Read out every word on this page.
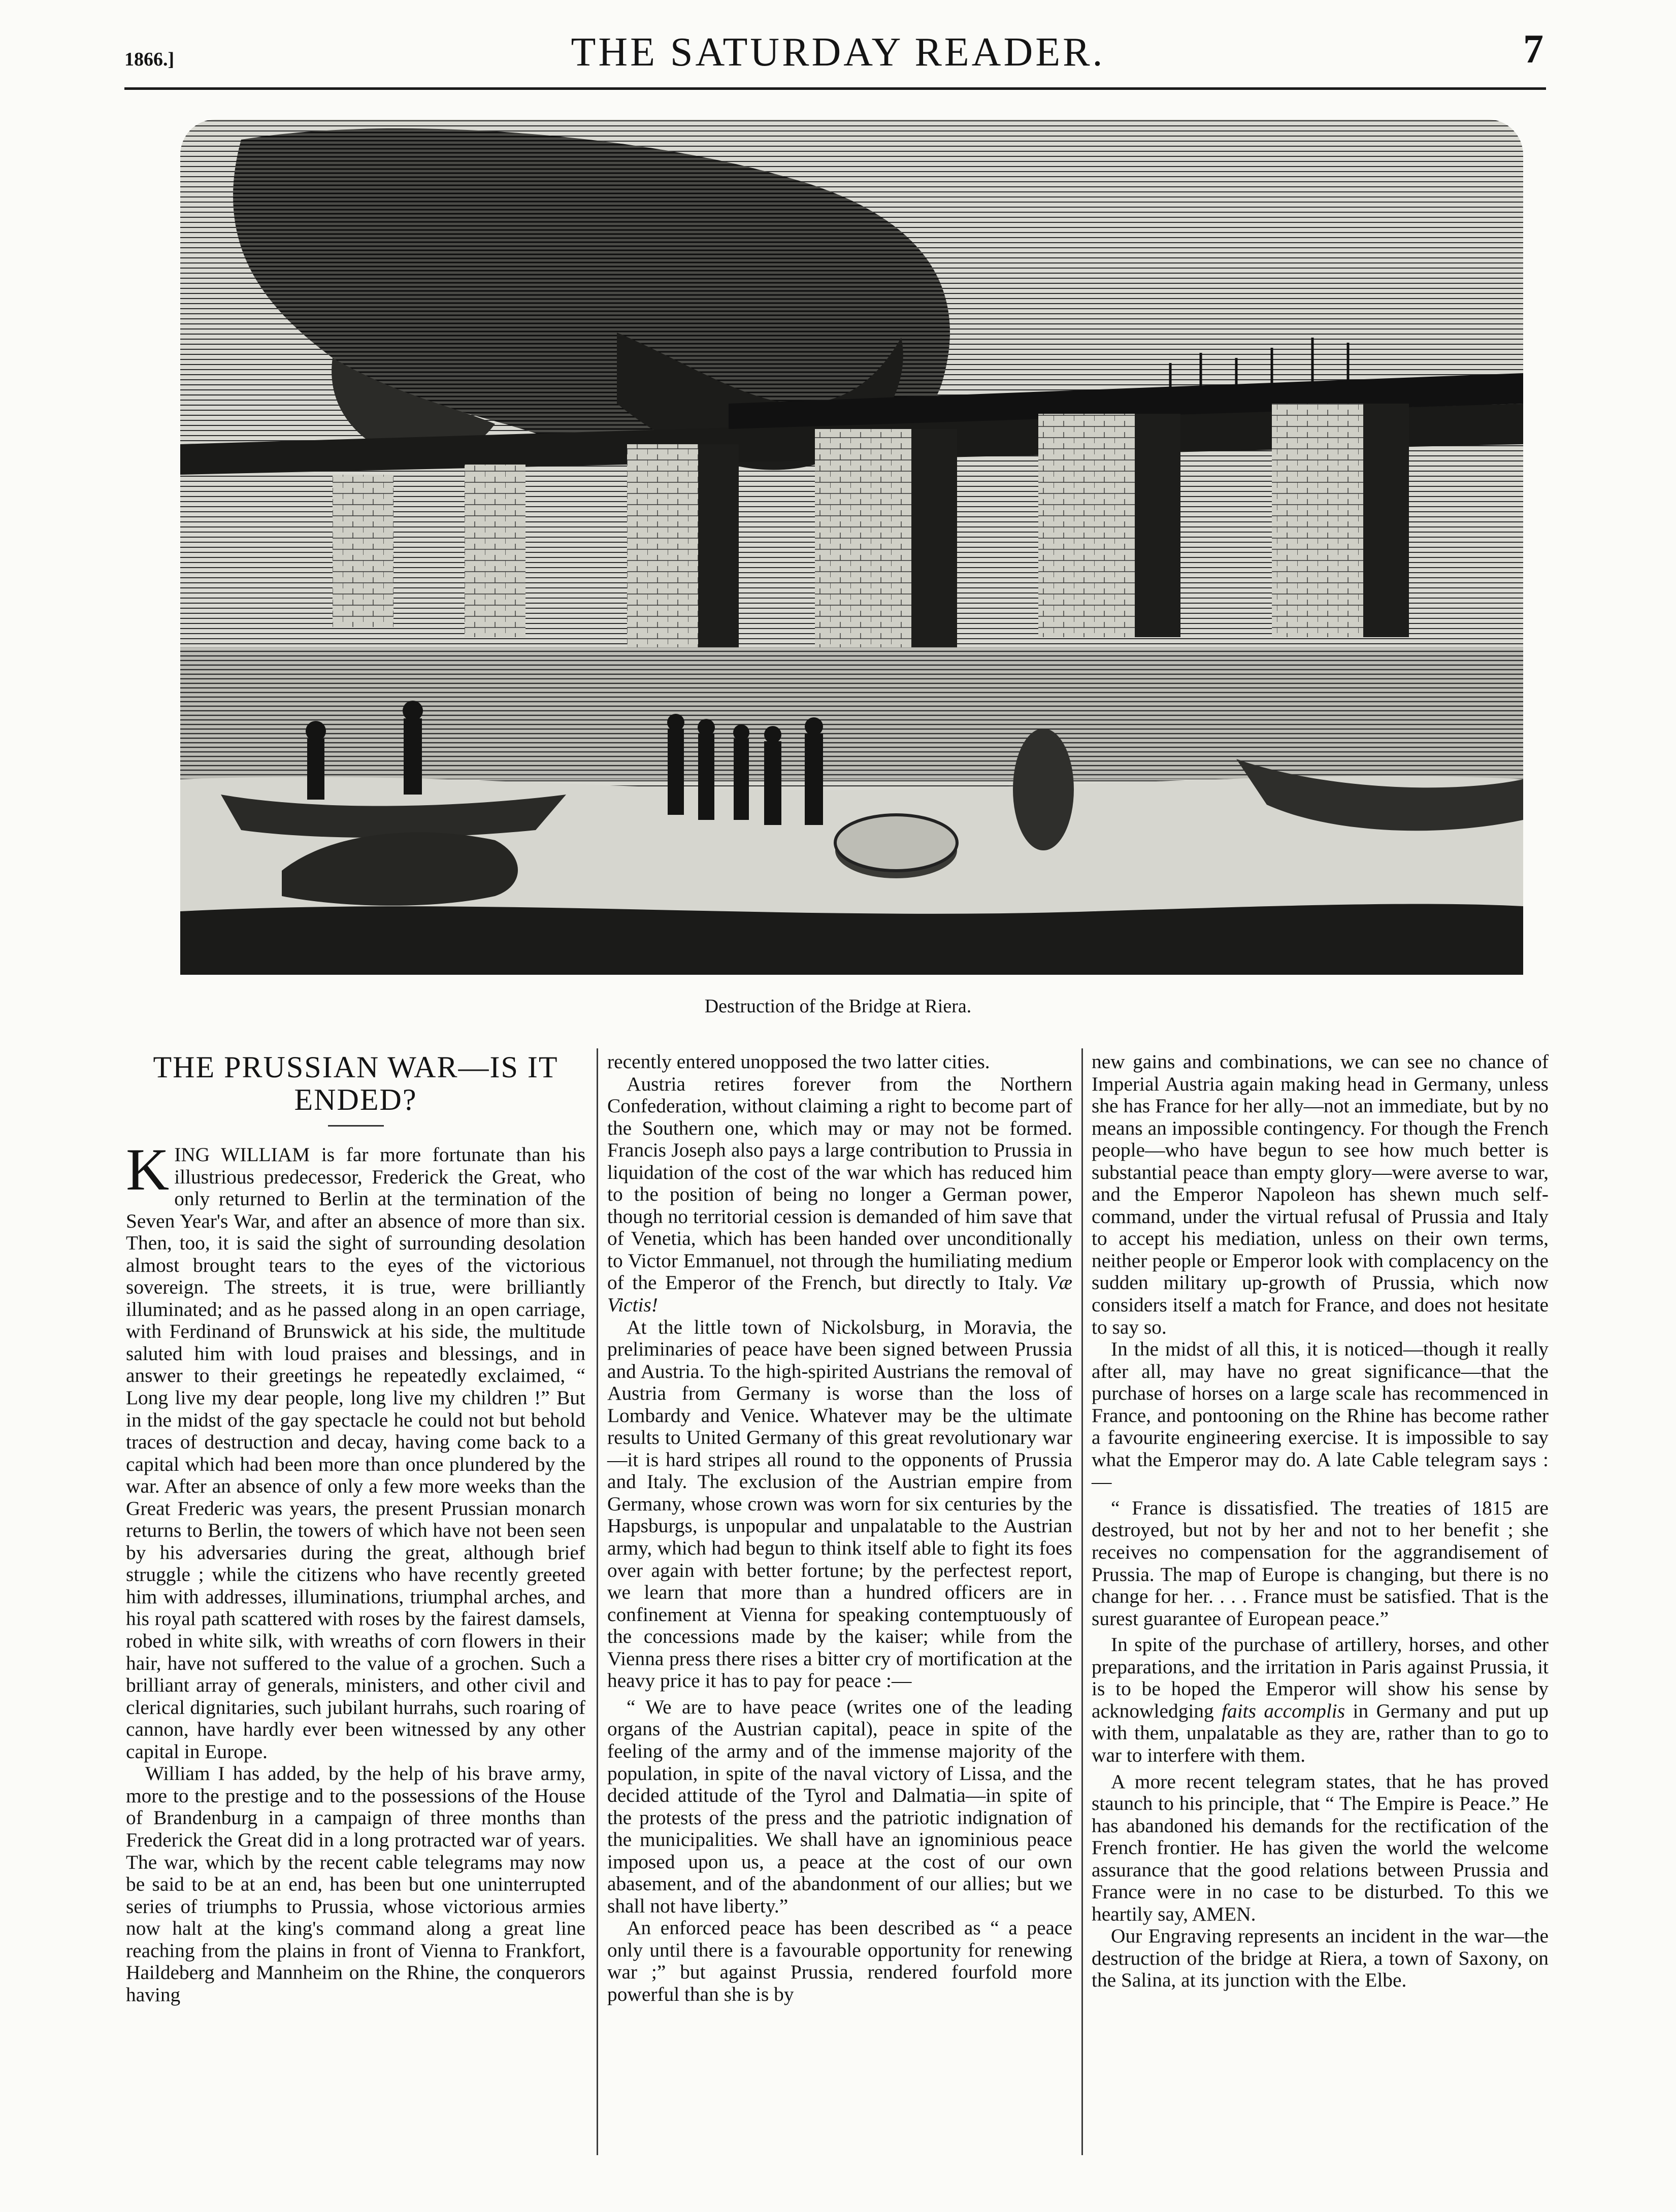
1866.]	THE SATURDAY READER.	7
Destruction of the Bridge at Riera.
THE PRUSSIAN WAR—IS IT ENDED?

KING WILLIAM is far more fortunate than his illustrious predecessor, Frederick the Great, who only returned to Berlin at the termination of the Seven Year's War, and after an absence of more than six. Then, too, it is said the sight of surrounding desolation almost brought tears to the eyes of the victorious sovereign. The streets, it is true, were brilliantly illuminated; and as he passed along in an open carriage, with Ferdinand of Brunswick at his side, the multitude saluted him with loud praises and blessings, and in answer to their greetings he repeatedly exclaimed, “ Long live my dear people, long live my children !” But in the midst of the gay spectacle he could not but behold traces of destruction and decay, having come back to a capital which had been more than once plundered by the war. After an absence of only a few more weeks than the Great Frederic was years, the present Prussian monarch returns to Berlin, the towers of which have not been seen by his adversaries during the great, although brief struggle ; while the citizens who have recently greeted him with addresses, illuminations, triumphal arches, and his royal path scattered with roses by the fairest damsels, robed in white silk, with wreaths of corn flowers in their hair, have not suffered to the value of a grochen. Such a brilliant array of generals, ministers, and other civil and clerical dignitaries, such jubilant hurrahs, such roaring of cannon, have hardly ever been witnessed by any other capital in Europe.

William I has added, by the help of his brave army, more to the prestige and to the possessions of the House of Brandenburg in a campaign of three months than Frederick the Great did in a long protracted war of years. The war, which by the recent cable telegrams may now be said to be at an end, has been but one uninterrupted series of triumphs to Prussia, whose victorious armies now halt at the king's command along a great line reaching from the plains in front of Vienna to Frankfort, Haildeberg and Mannheim on the Rhine, the conquerors having

recently entered unopposed the two latter cities.

Austria retires forever from the Northern Confederation, without claiming a right to become part of the Southern one, which may or may not be formed. Francis Joseph also pays a large contribution to Prussia in liquidation of the cost of the war which has reduced him to the position of being no longer a German power, though no territorial cession is demanded of him save that of Venetia, which has been handed over unconditionally to Victor Emmanuel, not through the humiliating medium of the Emperor of the French, but directly to Italy. Væ Victis!

At the little town of Nickolsburg, in Moravia, the preliminaries of peace have been signed between Prussia and Austria. To the high-spirited Austrians the removal of Austria from Germany is worse than the loss of Lombardy and Venice. Whatever may be the ultimate results to United Germany of this great revolutionary war—it is hard stripes all round to the opponents of Prussia and Italy. The exclusion of the Austrian empire from Germany, whose crown was worn for six centuries by the Hapsburgs, is unpopular and unpalatable to the Austrian army, which had begun to think itself able to fight its foes over again with better fortune; by the perfectest report, we learn that more than a hundred officers are in confinement at Vienna for speaking contemptuously of the concessions made by the kaiser; while from the Vienna press there rises a bitter cry of mortification at the heavy price it has to pay for peace :—

“ We are to have peace (writes one of the leading organs of the Austrian capital), peace in spite of the feeling of the army and of the immense majority of the population, in spite of the naval victory of Lissa, and the decided attitude of the Tyrol and Dalmatia—in spite of the protests of the press and the patriotic indignation of the municipalities. We shall have an ignominious peace imposed upon us, a peace at the cost of our own abasement, and of the abandonment of our allies; but we shall not have liberty.”

An enforced peace has been described as “ a peace only until there is a favourable opportunity for renewing war ;” but against Prussia, rendered fourfold more powerful than she is by

new gains and combinations, we can see no chance of Imperial Austria again making head in Germany, unless she has France for her ally—not an immediate, but by no means an impossible contingency. For though the French people—who have begun to see how much better is substantial peace than empty glory—were averse to war, and the Emperor Napoleon has shewn much self-command, under the virtual refusal of Prussia and Italy to accept his mediation, unless on their own terms, neither people or Emperor look with complacency on the sudden military up-growth of Prussia, which now considers itself a match for France, and does not hesitate to say so.

In the midst of all this, it is noticed—though it really after all, may have no great significance—that the purchase of horses on a large scale has recommenced in France, and pontooning on the Rhine has become rather a favourite engineering exercise. It is impossible to say what the Emperor may do. A late Cable telegram says :—

“ France is dissatisfied. The treaties of 1815 are destroyed, but not by her and not to her benefit ; she receives no compensation for the aggrandisement of Prussia. The map of Europe is changing, but there is no change for her. . . . France must be satisfied. That is the surest guarantee of European peace.”

In spite of the purchase of artillery, horses, and other preparations, and the irritation in Paris against Prussia, it is to be hoped the Emperor will show his sense by acknowledging faits accomplis in Germany and put up with them, unpalatable as they are, rather than to go to war to interfere with them.

A more recent telegram states, that he has proved staunch to his principle, that “ The Empire is Peace.” He has abandoned his demands for the rectification of the French frontier. He has given the world the welcome assurance that the good relations between Prussia and France were in no case to be disturbed. To this we heartily say, AMEN.

Our Engraving represents an incident in the war—the destruction of the bridge at Riera, a town of Saxony, on the Salina, at its junction with the Elbe.
